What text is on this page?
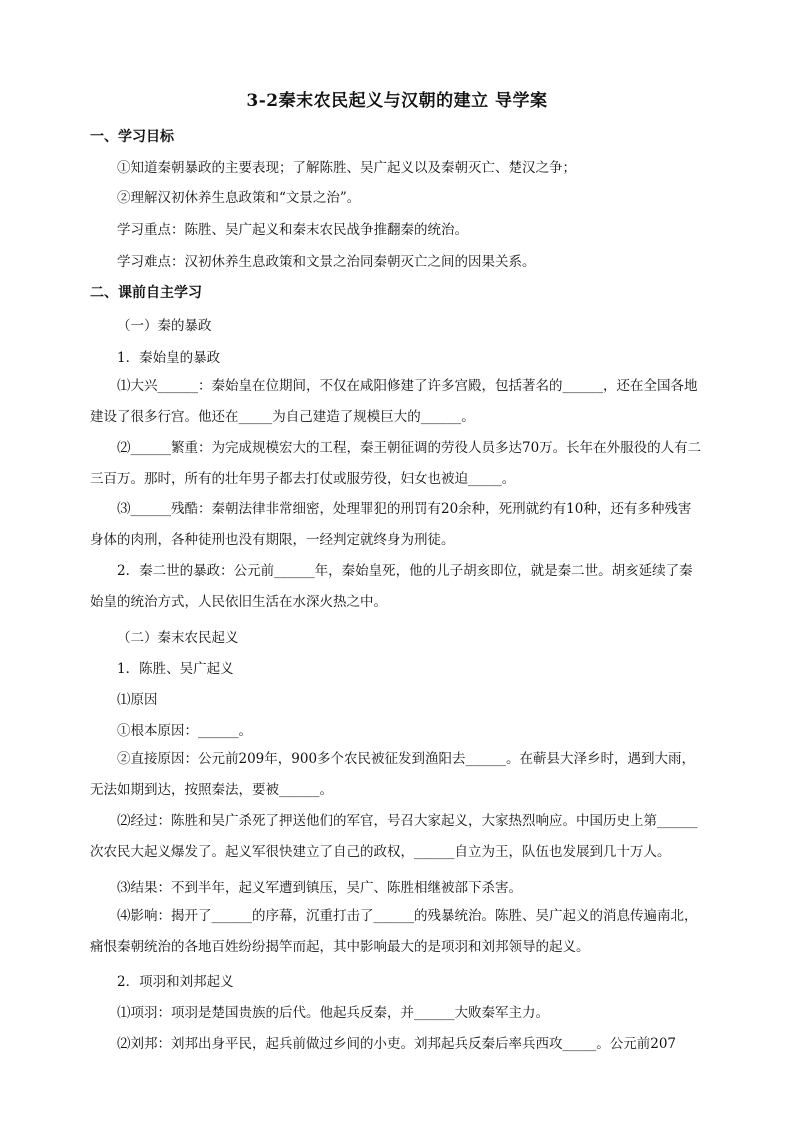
3-2秦末农民起义与汉朝的建立 导学案
一、学习目标
①知道秦朝暴政的主要表现；了解陈胜、吴广起义以及秦朝灭亡、楚汉之争；
②理解汉初休养生息政策和“文景之治”。
学习重点：陈胜、吴广起义和秦末农民战争推翻秦的统治。
学习难点：汉初休养生息政策和文景之治同秦朝灭亡之间的因果关系。
二、课前自主学习
（一）秦的暴政
1．秦始皇的暴政
⑴大兴______：秦始皇在位期间，不仅在咸阳修建了许多宫殿，包括著名的______，还在全国各地建设了很多行宫。他还在_____为自己建造了规模巨大的______。
⑵______繁重：为完成规模宏大的工程，秦王朝征调的劳役人员多达70万。长年在外服役的人有二三百万。那时，所有的壮年男子都去打仗或服劳役，妇女也被迫_____。
⑶______残酷：秦朝法律非常细密，处理罪犯的刑罚有20余种，死刑就约有10种，还有多种残害身体的肉刑，各种徒刑也没有期限，一经判定就终身为刑徒。
2．秦二世的暴政：公元前______年，秦始皇死，他的儿子胡亥即位，就是秦二世。胡亥延续了秦始皇的统治方式，人民依旧生活在水深火热之中。
（二）秦末农民起义
1．陈胜、吴广起义
⑴原因
①根本原因：______。
②直接原因：公元前209年，900多个农民被征发到渔阳去______。在蕲县大泽乡时，遇到大雨，无法如期到达，按照秦法，要被______。
⑵经过：陈胜和吴广杀死了押送他们的军官，号召大家起义，大家热烈响应。中国历史上第______次农民大起义爆发了。起义军很快建立了自己的政权，______自立为王，队伍也发展到几十万人。
⑶结果：不到半年，起义军遭到镇压，吴广、陈胜相继被部下杀害。
⑷影响：揭开了______的序幕，沉重打击了______的残暴统治。陈胜、吴广起义的消息传遍南北，痛恨秦朝统治的各地百姓纷纷揭竿而起，其中影响最大的是项羽和刘邦领导的起义。
2．项羽和刘邦起义
⑴项羽：项羽是楚国贵族的后代。他起兵反秦，并______大败秦军主力。
⑵刘邦：刘邦出身平民，起兵前做过乡间的小吏。刘邦起兵反秦后率兵西攻_____。公元前207
